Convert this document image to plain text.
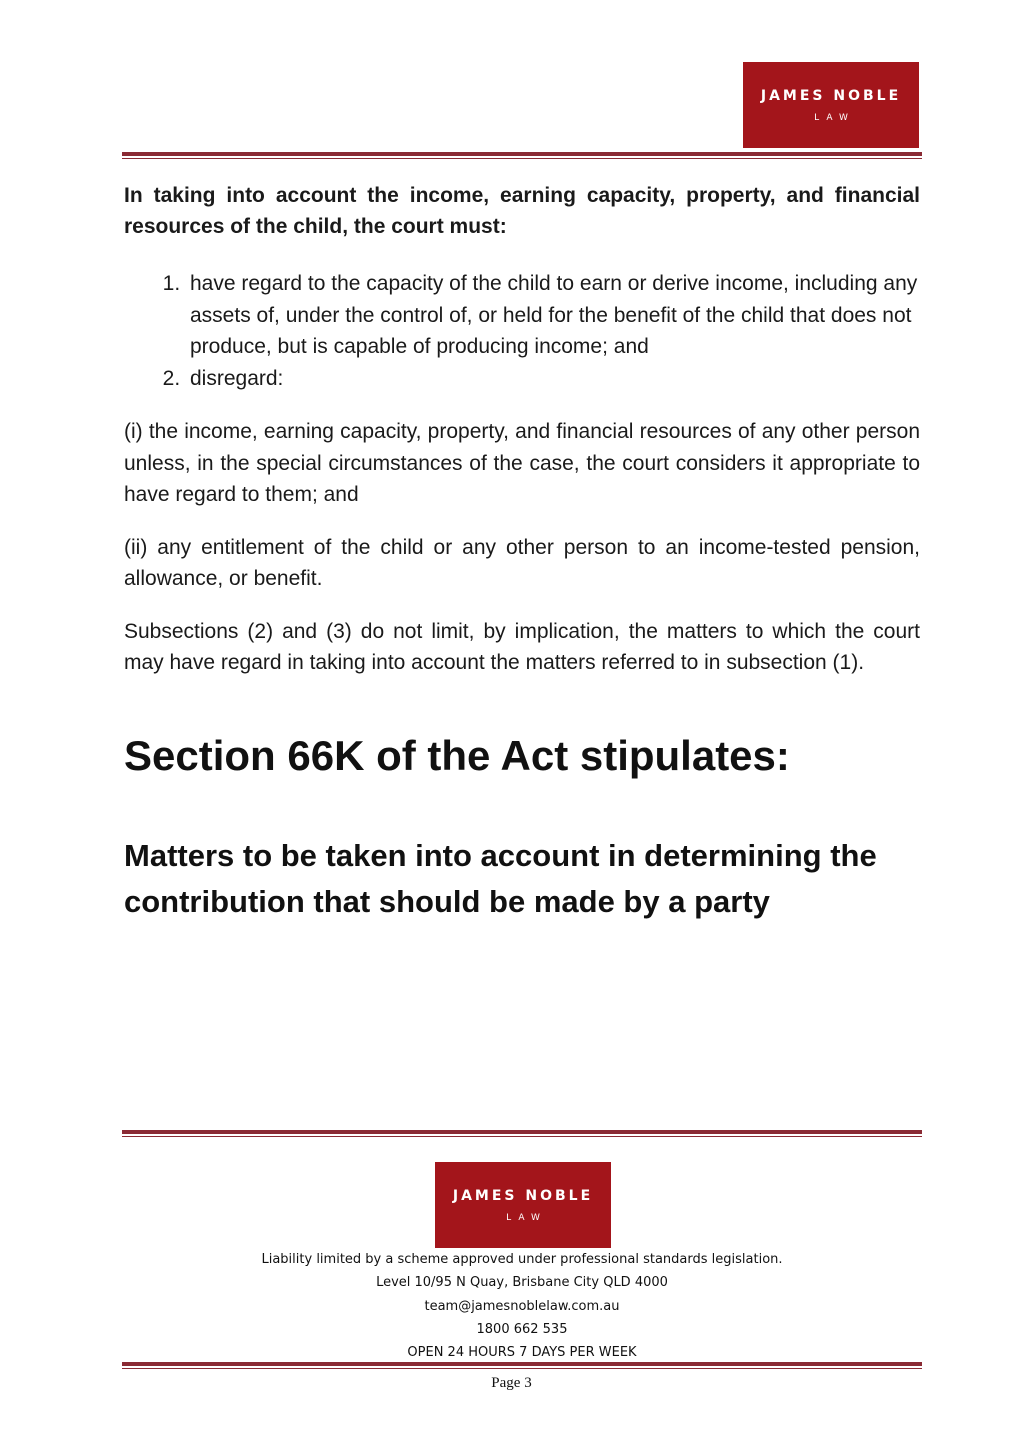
JAMES NOBLE
LAW

In taking into account the income, earning capacity, property, and financial resources of the child, the court must:

1. have regard to the capacity of the child to earn or derive income, including any assets of, under the control of, or held for the benefit of the child that does not produce, but is capable of producing income; and
2. disregard:

(i) the income, earning capacity, property, and financial resources of any other person unless, in the special circumstances of the case, the court considers it appropriate to have regard to them; and

(ii) any entitlement of the child or any other person to an income-tested pension, allowance, or benefit.

Subsections (2) and (3) do not limit, by implication, the matters to which the court may have regard in taking into account the matters referred to in subsection (1).

Section 66K of the Act stipulates:
Matters to be taken into account in determining the contribution that should be made by a party
JAMES NOBLE
LAW
Liability limited by a scheme approved under professional standards legislation.
Level 10/95 N Quay, Brisbane City QLD 4000
team@jamesnoblelaw.com.au
1800 662 535
OPEN 24 HOURS 7 DAYS PER WEEK
Page 3
